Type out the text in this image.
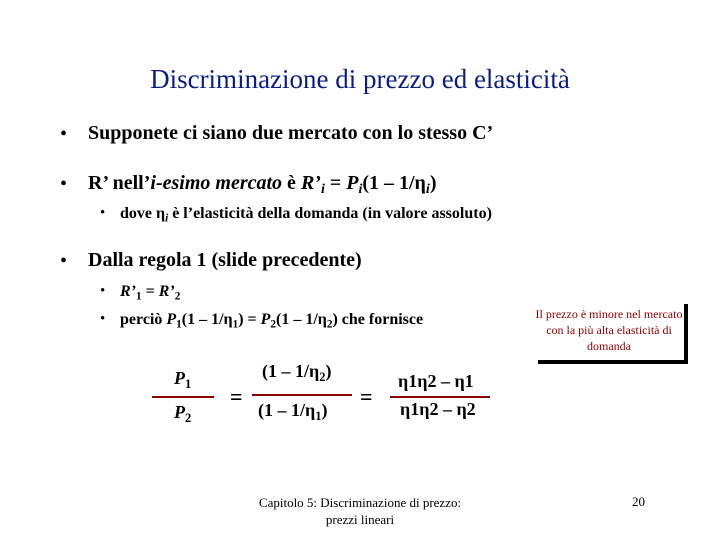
Discriminazione di prezzo ed elasticità
• Supponete ci siano due mercato con lo stesso C’
• R’ nell’i-esimo mercato è $R’_i = P_i(1 - 1/\eta_i)$
• dove $\eta_i$ è l’elasticità della domanda (in valore assoluto)
• Dalla regola 1 (slide precedente)
• $R’_1$ = $R’_2$
• perciò $P_1(1 - 1/\eta_1) = P_2(1 - 1/\eta_2)$ che fornisce	Il prezzo è minore nel mercato con la più alta elasticità di domanda
$P_1$
$P_2$
=
$(1 - 1/\eta_2)$
$(1 - 1/\eta_1)$
=
η1η2 – η1
η1η2 – η2
Capitolo 5: Discriminazione di prezzo: prezzi lineari
20
